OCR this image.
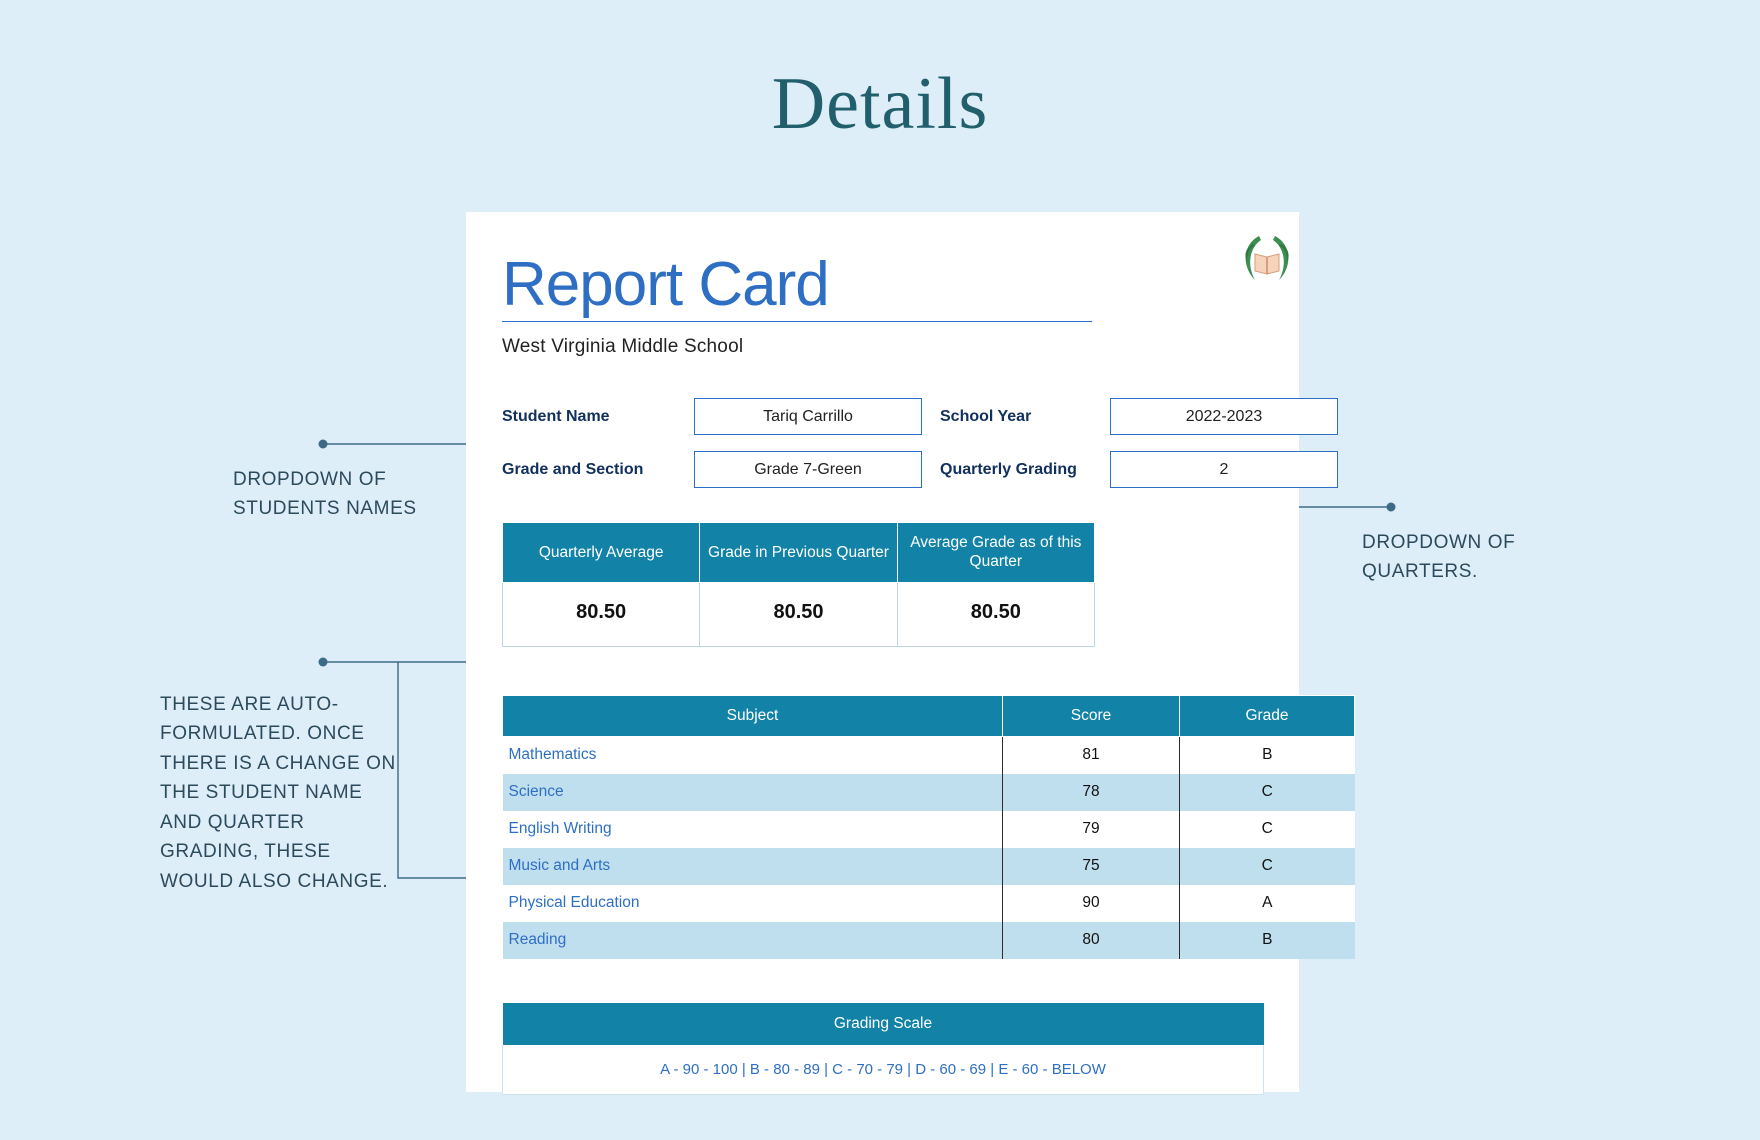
Details
DROPDOWN OF STUDENTS NAMES
DROPDOWN OF QUARTERS.
THESE ARE AUTO-FORMULATED. ONCE THERE IS A CHANGE ON THE STUDENT NAME AND QUARTER GRADING, THESE WOULD ALSO CHANGE.
Report Card
West Virginia Middle School
Student Name	Tariq Carrillo	School Year	2022-2023
Grade and Section	Grade 7-Green	Quarterly Grading	2
Quarterly Average	Grade in Previous Quarter	Average Grade as of this Quarter
80.50	80.50	80.50
Subject	Score	Grade
Mathematics	81	B
Science	78	C
English Writing	79	C
Music and Arts	75	C
Physical Education	90	A
Reading	80	B
Grading Scale
A - 90 - 100 | B - 80 - 89 | C - 70 - 79 | D - 60 - 69 | E - 60 - BELOW
